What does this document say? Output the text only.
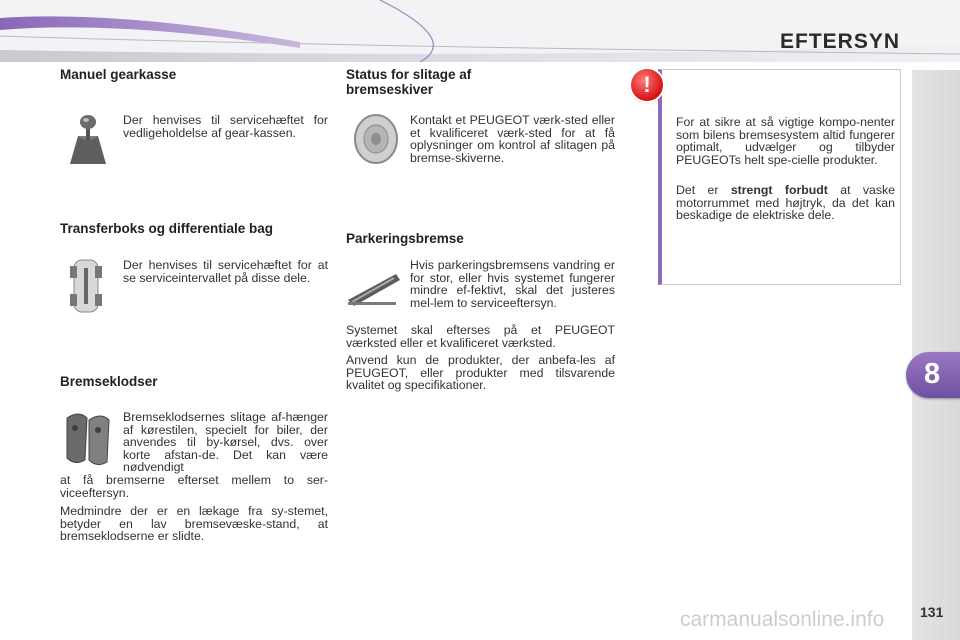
EFTERSYN
8
Manuel gearkasse
Der henvises til servicehæftet for vedligeholdelse af gear-kassen.
Transferboks og differentiale bag
Der henvises til servicehæftet for at se serviceintervallet på disse dele.
Bremseklodser
Bremseklodsernes slitage af-hænger af kørestilen, specielt for biler, der anvendes til by-kørsel, dvs. over korte afstan-de. Det kan være nødvendigt
at få bremserne efterset mellem to ser-viceeftersyn.
Medmindre der er en lækage fra sy-stemet, betyder en lav bremsevæske-stand, at bremseklodserne er slidte.
Status for slitage af bremseskiver
Kontakt et PEUGEOT værk-sted eller et kvalificeret værk-sted for at få oplysninger om kontrol af slitagen på bremse-skiverne.
Parkeringsbremse
Hvis parkeringsbremsens vandring er for stor, eller hvis systemet fungerer mindre ef-fektivt, skal det justeres mel-lem to serviceeftersyn.
Systemet skal efterses på et PEUGEOT værksted eller et kvalificeret værksted.
Anvend kun de produkter, der anbefa-les af PEUGEOT, eller produkter med tilsvarende kvalitet og specifikationer.
For at sikre at så vigtige kompo-nenter som bilens bremsesystem altid fungerer optimalt, udvælger og tilbyder PEUGEOTs helt spe-cielle produkter.
Det er strengt forbudt at vaske motorrummet med højtryk, da det kan beskadige de elektriske dele.
!
carmanualsonline.info	131
